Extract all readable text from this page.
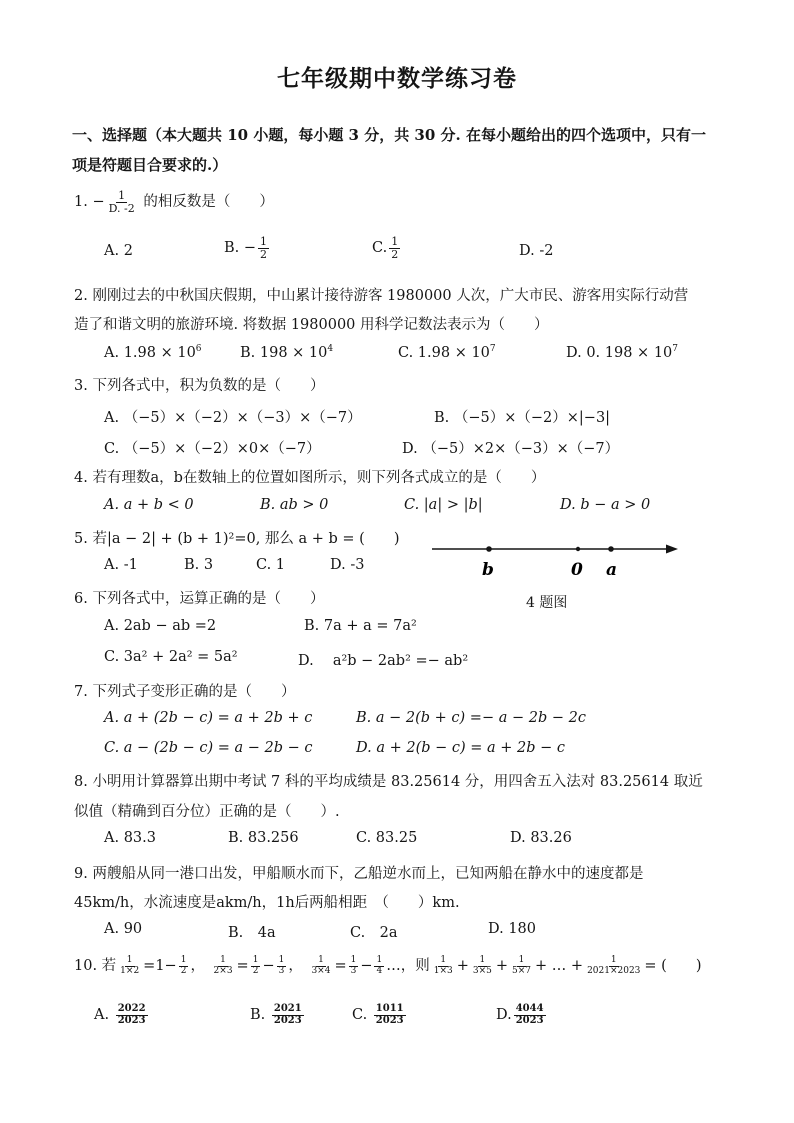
七年级期中数学练习卷
一、选择题（本大题共 10 小题，每小题 3 分，共 30 分. 在每小题给出的四个选项中，只有一
项是符题目合要求的.）
1. − $\frac{1}{D. -2}$ 的相反数是（　　）
A. 2	B. − $\frac{1}{2}$	C. $\frac{1}{2}$	D. -2
2. 刚刚过去的中秋国庆假期，中山累计接待游客 1980000 人次，广大市民、游客用实际行动营
造了和谐文明的旅游环境. 将数据 1980000 用科学记数法表示为（　　）
A. $1.98 \times 10^6$	B. $198 \times 10^4$	C. $1.98 \times 10^7$	D. 0. $198 \times 10^7$
3. 下列各式中，积为负数的是（　　）
A. （−5）×（−2）×（−3）×（−7）	B. （−5）×（−2）×|−3|
C. （−5）×（−2）×0×（−7）	D. （−5）×2×（−3）×（−7）
4. 若有理数a，b在数轴上的位置如图所示，则下列各式成立的是（　　）
A. a + b < 0	B. ab > 0	C. |a| > |b|	D. b − a > 0
5. 若|a − 2| + (b + 1)²=0, 那么 a + b = (　　)
A. -1	B. 3	C. 1	D. -3	b	0 a
4 题图
6. 下列各式中，运算正确的是（　　）
A. 2ab − ab =2	B. 7a + a = 7a²
C. 3a² + 2a² = 5a²	D.　 a²b − 2ab² =− ab²
7. 下列式子变形正确的是（　　）
A. a + (2b − c) = a + 2b + c	B. a − 2(b + c) =− a − 2b − 2c
C. a − (2b − c) = a − 2b − c	D. a + 2(b − c) = a + 2b − c
8. 小明用计算器算出期中考试 7 科的平均成绩是 83.25614 分，用四舍五入法对 83.25614 取近
似值（精确到百分位）正确的是（　　）.
A. 83.3	B. 83.256	C. 83.25	D. 83.26
9. 两艘船从同一港口出发，甲船顺水而下，乙船逆水而上，已知两船在静水中的速度都是
45km/h，水流速度是akm/h，1h后两船相距　（　　）km.
A. 90	B.　4a	C.　2a	D. 180
10. 若 $\frac{1}{1\times 2} =1- \frac{1}{2}$ ， $\frac{1}{2\times 3} = \frac{1}{2} - \frac{1}{3}$ ， $\frac{1}{3\times 4} = \frac{1}{3} - \frac{1}{4}$ …，则 $\frac{1}{1\times 3} + \frac{1}{3\times 5} + \frac{1}{5\times 7}$ + … + $\frac{1}{2021\times 2023}$ = (　　)
A. $\frac{2022}{2023}$	B. $\frac{2021}{2023}$	C. $\frac{1011}{2023}$	D. $\frac{4044}{2023}$
